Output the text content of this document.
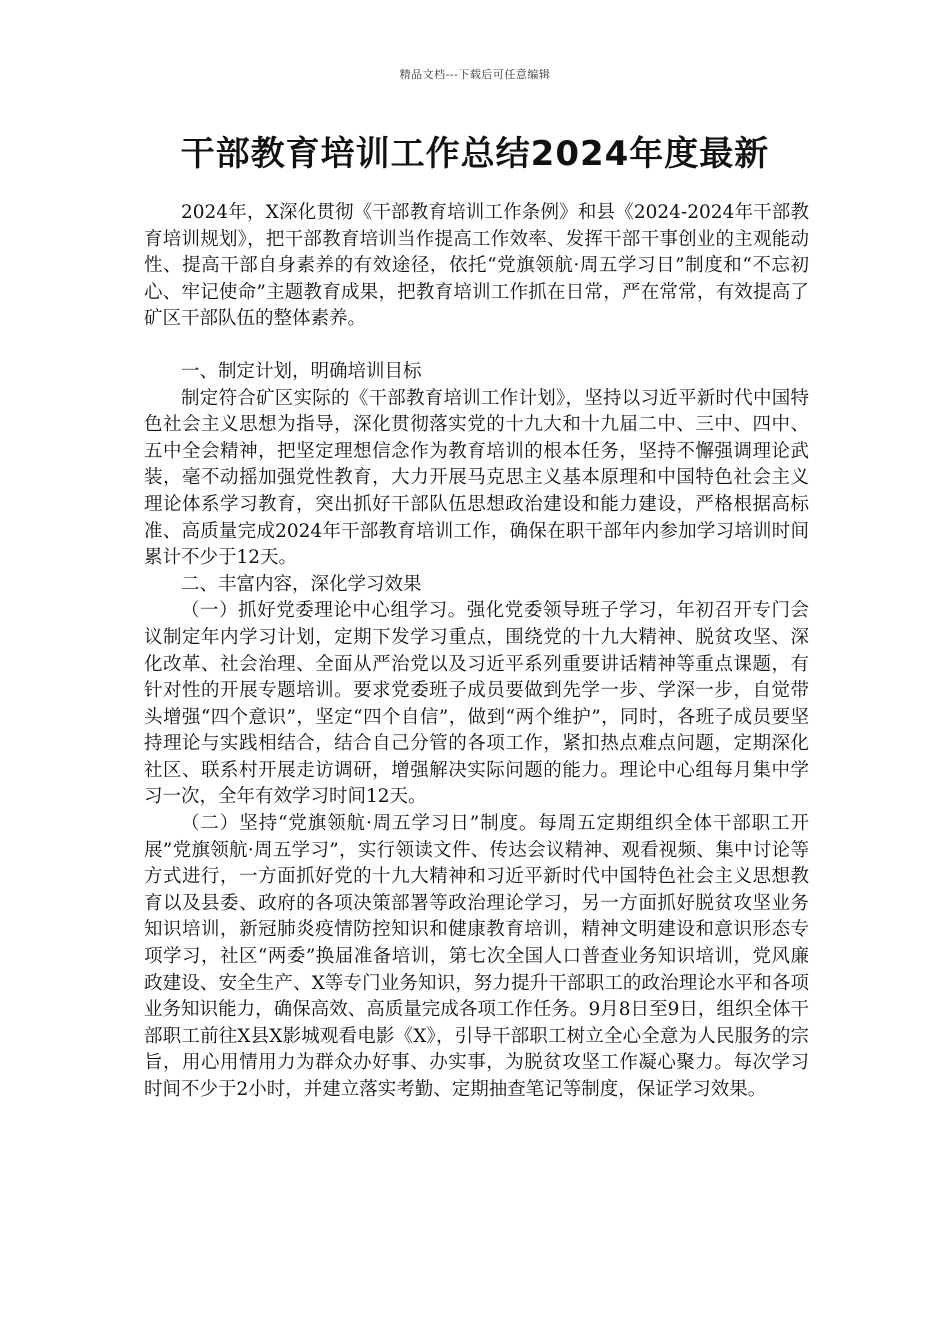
精品文档---下载后可任意编辑
干部教育培训工作总结2024年度最新

2024年，X深化贯彻《干部教育培训工作条例》和县《2024-2024年干部教育培训规划》，把干部教育培训当作提高工作效率、发挥干部干事创业的主观能动性、提高干部自身素养的有效途径，依托“党旗领航·周五学习日”制度和“不忘初心、牢记使命”主题教育成果，把教育培训工作抓在日常，严在常常，有效提高了矿区干部队伍的整体素养。

一、制定计划，明确培训目标

制定符合矿区实际的《干部教育培训工作计划》，坚持以习近平新时代中国特色社会主义思想为指导，深化贯彻落实党的十九大和十九届二中、三中、四中、五中全会精神，把坚定理想信念作为教育培训的根本任务，坚持不懈强调理论武装，毫不动摇加强党性教育，大力开展马克思主义基本原理和中国特色社会主义理论体系学习教育，突出抓好干部队伍思想政治建设和能力建设，严格根据高标准、高质量完成2024年干部教育培训工作，确保在职干部年内参加学习培训时间累计不少于12天。

二、丰富内容，深化学习效果

（一）抓好党委理论中心组学习。强化党委领导班子学习，年初召开专门会议制定年内学习计划，定期下发学习重点，围绕党的十九大精神、脱贫攻坚、深化改革、社会治理、全面从严治党以及习近平系列重要讲话精神等重点课题，有针对性的开展专题培训。要求党委班子成员要做到先学一步、学深一步，自觉带头增强“四个意识”，坚定“四个自信”，做到“两个维护”，同时，各班子成员要坚持理论与实践相结合，结合自己分管的各项工作，紧扣热点难点问题，定期深化社区、联系村开展走访调研，增强解决实际问题的能力。理论中心组每月集中学习一次，全年有效学习时间12天。

（二）坚持“党旗领航·周五学习日”制度。每周五定期组织全体干部职工开展”党旗领航·周五学习”，实行领读文件、传达会议精神、观看视频、集中讨论等方式进行，一方面抓好党的十九大精神和习近平新时代中国特色社会主义思想教育以及县委、政府的各项决策部署等政治理论学习，另一方面抓好脱贫攻坚业务知识培训，新冠肺炎疫情防控知识和健康教育培训，精神文明建设和意识形态专项学习，社区“两委”换届准备培训，第七次全国人口普查业务知识培训，党风廉政建设、安全生产、X等专门业务知识，努力提升干部职工的政治理论水平和各项业务知识能力，确保高效、高质量完成各项工作任务。9月8日至9日，组织全体干部职工前往X县X影城观看电影《X》，引导干部职工树立全心全意为人民服务的宗旨，用心用情用力为群众办好事、办实事，为脱贫攻坚工作凝心聚力。每次学习时间不少于2小时，并建立落实考勤、定期抽查笔记等制度，保证学习效果。
